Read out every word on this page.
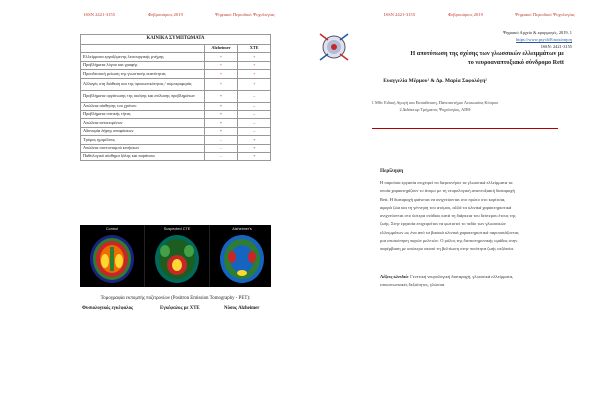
ISSN 2421-3155	Φεβρουάριος 2019	Ψηφιακό Περιοδικό Ψυχολογίας
ΚΛΙΝΙΚΑ ΣΥΜΠΤΩΜΑΤΑ		
	Alzheimer	ΧΤΕ
Ελλείμματα εργαζόμενης λειτουργικής μνήμης	+	+
Προβλήματα λόγου και γραφής	+	+
Προοδευτική μείωση της γνωστικής ικανότητας	+	+
Αλλαγές στη διάθεση και της προσωπικότητας / συμπεριφοράς	+	+
Προβλήματα οργάνωσης της σκέψης και επίλυσης προβλημάτων	+	–
Απώλεια αίσθησης του χρόνου	+	–
Προβλήματα οπτικής τήτας	+	–
Απώλεια αντικειμένων	+	–
Αδυναμία λήψης αποφάσεων	+	–
Τρόμος ημιμέλους	–	+
Απώλεια συντονισμού κινήσεων	–	+
Παθολογικό αίσθημα ζάλης και παράνοια	–	+
Control	Suspected CTE	Alzheimer's
Τομογραφία εκπομπής ποζιτρονίων (Positron Emission Tomography - PET):
Φυσιολογικός εγκέφαλος	Εγκέφαλος με ΧΤΕ	Νόσος Alzheimer
ISSN 2421-3155	Φεβρουάριος 2019	Ψηφιακό Περιοδικό Ψυχολογίας
Ψηφιακό Αρχείο & εφαρμογές, 2019, 1
https://www.psych/Επισκόπηση
ISSN: 2421-3155
Η αποτύπωση της σχέσης των γλωσσικών ελλειμμάτων με
το νευροαναπτυξιακό σύνδρομο Rett
Ευαγγελία Μέρμου¹ & Δρ. Μαρία Σοφολόγη²
1 MSc Ειδική Αγωγή και Εκπαίδευση, Πανεπιστήμιο Λευκωσίας Κύπρου
2 Διδάκτωρ Τμήματος Ψυχολογίας, ΑΠΘ
Περίληψη

Η παρούσα εργασία επιχειρεί να διερευνήσει τα γλωσσικά ελλείμματα τα

οποία χαρακτηρίζουν το άτομο με τη νευρολογική αναπτυξιακή διαταραχή

Rett. Η διαταραχή φαίνεται να ανιχνεύονται στο πρώτο στο κορίτσια,

αφορά ζώα και τη γέννηση του ατόμου, αλλά τα κλινικά χαρακτηριστικά

ανιχνεύονται στο ύστερα στάδιας κατά τη διάρκεια του δεύτερου έτους της

ζωής. Στην εργασία επιχειρείται να φωτιστεί το πεδίο των γλωσσικών

ελλειμμάτων ως ένα από τα βασικά κλινικά χαρακτηριστικά παρουσιάζοντας

μια επισκόπηση παρών μελετών. Ο ρόλος της διεπιστημονικής ομάδας στην

παρέμβαση με απώτερο σκοπό τη βελτίωση στην ποιότητα ζωής σεζάτεία.

Λέξεις κλειδιά: Γενετική νευρολογική διαταραχή, γλωσσικά ελλείμματα,
επικοινωνιακές δεξιότητες, γλώσσα
